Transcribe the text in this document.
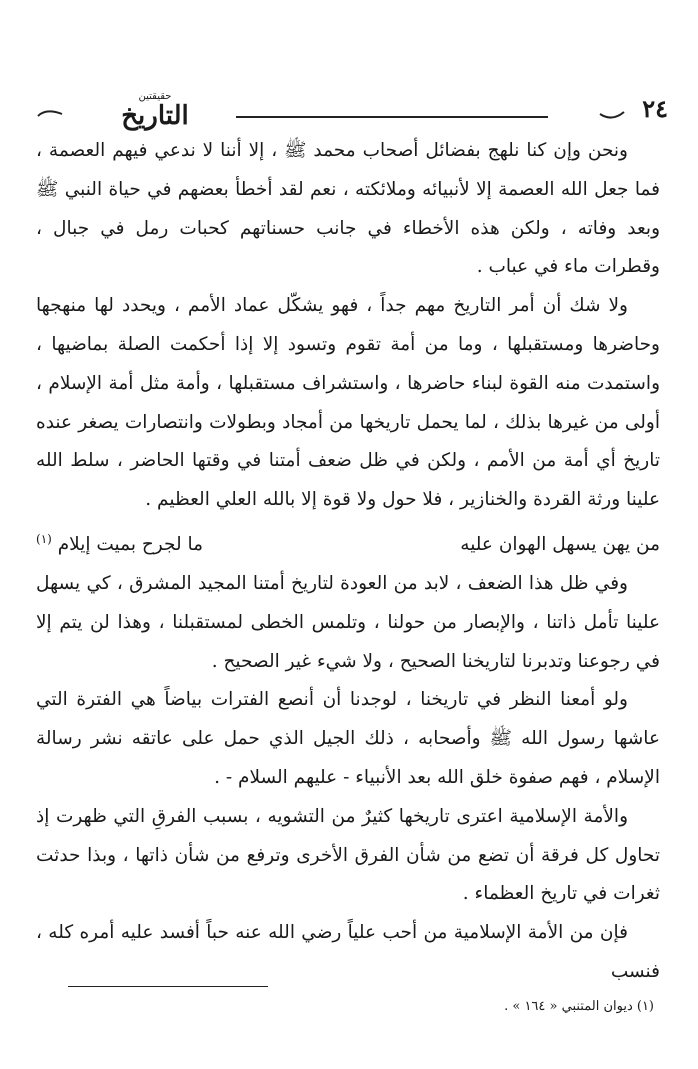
حقيقتين
التاريخ	٢٤

ونحن وإن كنا نلهج بفضائل أصحاب محمد ﷺ ، إلا أننا لا ندعي فيهم العصمة ، فما جعل الله العصمة إلا لأنبيائه وملائكته ، نعم لقد أخطأ بعضهم في حياة النبي ﷺ وبعد وفاته ، ولكن هذه الأخطاء في جانب حسناتهم كحبات رمل في جبال ، وقطرات ماء في عباب .

ولا شك أن أمر التاريخ مهم جداً ، فهو يشكّل عماد الأمم ، ويحدد لها منهجها وحاضرها ومستقبلها ، وما من أمة تقوم وتسود إلا إذا أحكمت الصلة بماضيها ، واستمدت منه القوة لبناء حاضرها ، واستشراف مستقبلها ، وأمة مثل أمة الإسلام ، أولى من غيرها بذلك ، لما يحمل تاريخها من أمجاد وبطولات وانتصارات يصغر عنده تاريخ أي أمة من الأمم ، ولكن في ظل ضعف أمتنا في وقتها الحاضر ، سلط الله علينا ورثة القردة والخنازير ، فلا حول ولا قوة إلا بالله العلي العظيم .

من يهن يسهل الهوان عليه
ما لجرح بميت إيلام $^{(١)}$

وفي ظل هذا الضعف ، لابد من العودة لتاريخ أمتنا المجيد المشرق ، كي يسهل علينا تأمل ذاتنا ، والإبصار من حولنا ، وتلمس الخطى لمستقبلنا ، وهذا لن يتم إلا في رجوعنا وتدبرنا لتاريخنا الصحيح ، ولا شيء غير الصحيح .

ولو أمعنا النظر في تاريخنا ، لوجدنا أن أنصع الفترات بياضاً هي الفترة التي عاشها رسول الله ﷺ وأصحابه ، ذلك الجيل الذي حمل على عاتقه نشر رسالة الإسلام ، فهم صفوة خلق الله بعد الأنبياء - عليهم السلام - .

والأمة الإسلامية اعترى تاريخها كثيرٌ من التشويه ، بسبب الفرقِ التي ظهرت إذ تحاول كل فرقة أن تضع من شأن الفرق الأخرى وترفع من شأن ذاتها ، وبذا حدثت ثغرات في تاريخ العظماء .

فإن من الأمة الإسلامية من أحب علياً رضي الله عنه حباً أفسد عليه أمره كله ، فنسب

(١) ديوان المتنبي « ١٦٤ » .
